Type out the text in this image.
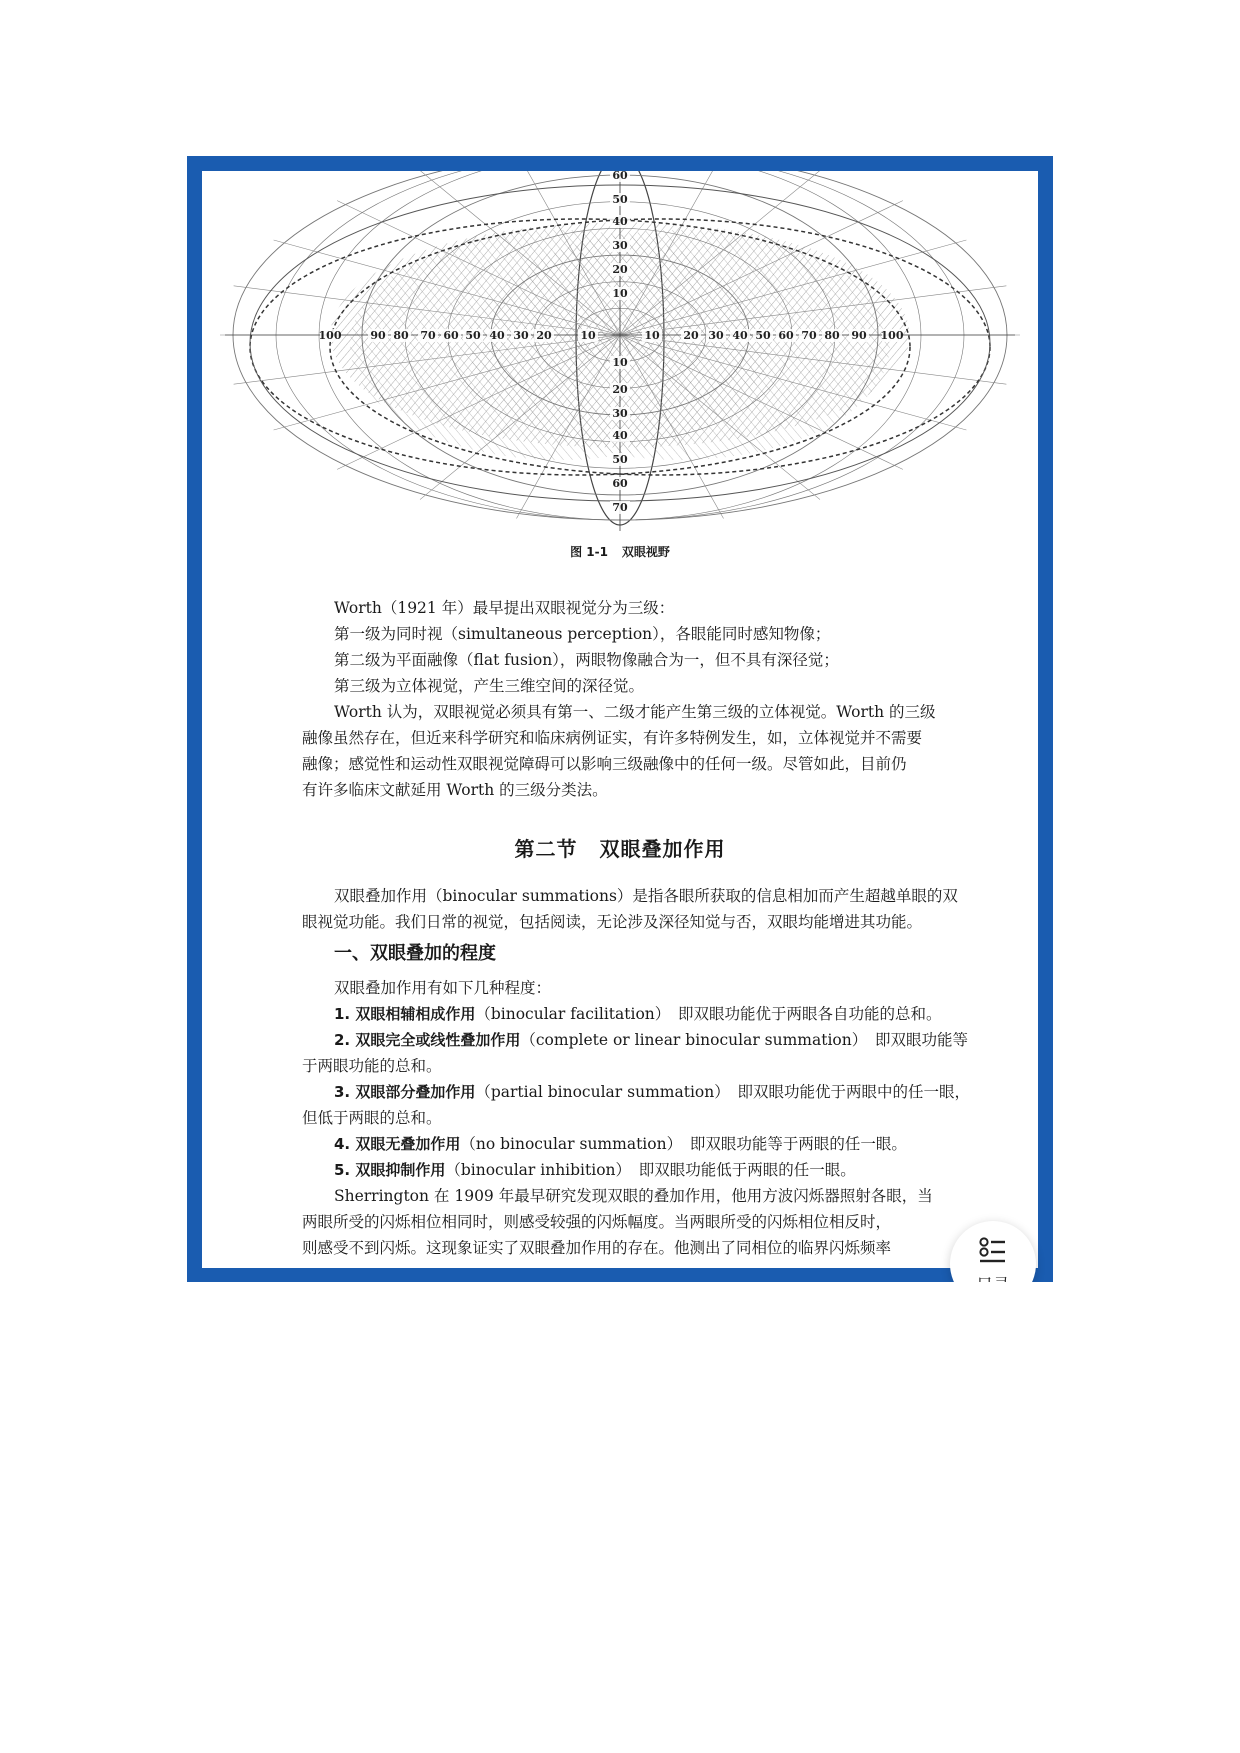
60
50
40
30
20
10
10
20
30
40
50
60
70
100	90 80 70 60 50 40 30 20	10	10 20 30 40 50 60 70 80 90 100
图 1-1 双眼视野

Worth（1921 年）最早提出双眼视觉分为三级：

第一级为同时视（simultaneous perception），各眼能同时感知物像；

第二级为平面融像（flat fusion），两眼物像融合为一，但不具有深径觉；

第三级为立体视觉，产生三维空间的深径觉。

Worth 认为，双眼视觉必须具有第一、二级才能产生第三级的立体视觉。Worth 的三级

融像虽然存在，但近来科学研究和临床病例证实，有许多特例发生，如，立体视觉并不需要

融像；感觉性和运动性双眼视觉障碍可以影响三级融像中的任何一级。尽管如此，目前仍

有许多临床文献延用 Worth 的三级分类法。

第二节 双眼叠加作用

双眼叠加作用（binocular summations）是指各眼所获取的信息相加而产生超越单眼的双

眼视觉功能。我们日常的视觉，包括阅读，无论涉及深径知觉与否，双眼均能增进其功能。

一、双眼叠加的程度

双眼叠加作用有如下几种程度：

1. 双眼相辅相成作用（binocular facilitation）　即双眼功能优于两眼各自功能的总和。

2. 双眼完全或线性叠加作用（complete or linear binocular summation）　即双眼功能等

于两眼功能的总和。

3. 双眼部分叠加作用（partial binocular summation）　即双眼功能优于两眼中的任一眼，

但低于两眼的总和。

4. 双眼无叠加作用（no binocular summation）　即双眼功能等于两眼的任一眼。

5. 双眼抑制作用（binocular inhibition）　即双眼功能低于两眼的任一眼。

Sherrington 在 1909 年最早研究发现双眼的叠加作用，他用方波闪烁器照射各眼，当

两眼所受的闪烁相位相同时，则感受较强的闪烁幅度。当两眼所受的闪烁相位相反时，

则感受不到闪烁。这现象证实了双眼叠加作用的存在。他测出了同相位的临界闪烁频率
